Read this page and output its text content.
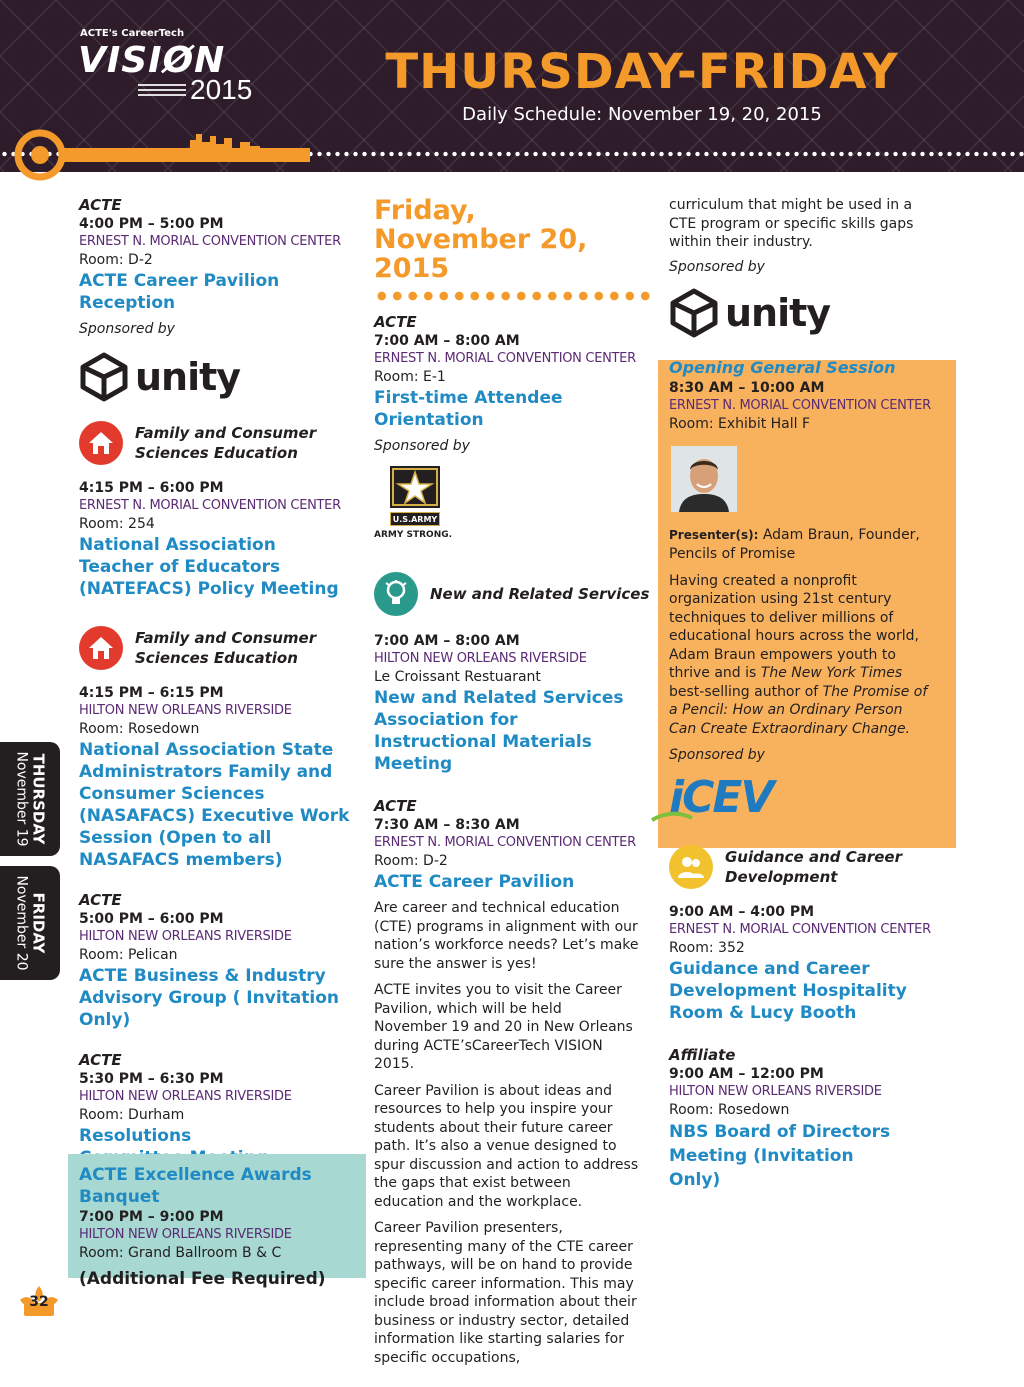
ACTE's CareerTech
VISIØN
2015	THURSDAY-FRIDAY
Daily Schedule: November 19, 20, 2015
ACTE
4:00 PM – 5:00 PM
ERNEST N. MORIAL CONVENTION CENTER
Room: D-2
ACTE Career Pavilion Reception
Sponsored by
unity
Family and Consumer Sciences Education
4:15 PM – 6:00 PM
ERNEST N. MORIAL CONVENTION CENTER
Room: 254
National Association Teacher of Educators (NATEFACS) Policy Meeting
Family and Consumer Sciences Education
4:15 PM – 6:15 PM
HILTON NEW ORLEANS RIVERSIDE
Room: Rosedown
National Association State Administrators Family and Consumer Sciences (NASAFACS) Executive Work Session (Open to all NASAFACS members)
ACTE
5:00 PM – 6:00 PM
HILTON NEW ORLEANS RIVERSIDE
Room: Pelican
ACTE Business & Industry Advisory Group ( Invitation Only)
ACTE
5:30 PM – 6:30 PM
HILTON NEW ORLEANS RIVERSIDE
Room: Durham
Resolutions
ACTE Excellence Awards Banquet
7:00 PM – 9:00 PM
HILTON NEW ORLEANS RIVERSIDE
Room: Grand Ballroom B & C
(Additional Fee Required)
Friday,
November 20, 2015
ACTE
7:00 AM – 8:00 AM
ERNEST N. MORIAL CONVENTION CENTER
Room: E-1
First-time Attendee Orientation
Sponsored by
U.S.ARMY
ARMY STRONG.
New and Related Services
7:00 AM – 8:00 AM
HILTON NEW ORLEANS RIVERSIDE
Le Croissant Restuarant
New and Related Services Association for Instructional Materials Meeting
ACTE
7:30 AM – 8:30 AM
ERNEST N. MORIAL CONVENTION CENTER
Room: D-2
ACTE Career Pavilion
Are career and technical education (CTE) programs in alignment with our nation’s workforce needs? Let’s make sure the answer is yes!
ACTE invites you to visit the Career Pavilion, which will be held November 19 and 20 in New Orleans during ACTE’sCareerTech VISION 2015.
Career Pavilion is about ideas and resources to help you inspire your students about their future career path. It’s also a venue designed to spur discussion and action to address the gaps that exist between education and the workplace.
Career Pavilion presenters, representing many of the CTE career pathways, will be on hand to provide specific career information. This may include broad information about their business or industry sector, detailed information like starting salaries for specific occupations,
curriculum that might be used in a CTE program or specific skills gaps within their industry.
Sponsored by
unity
Opening General Session
8:30 AM – 10:00 AM
ERNEST N. MORIAL CONVENTION CENTER
Room: Exhibit Hall F
Presenter(s): Adam Braun, Founder, Pencils of Promise
Having created a nonprofit organization using 21st century techniques to deliver millions of educational hours across the world, Adam Braun empowers youth to thrive and is The New York Times best-selling author of The Promise of a Pencil: How an Ordinary Person Can Create Extraordinary Change.
Sponsored by
iCEV
Guidance and Career Development
9:00 AM – 4:00 PM
ERNEST N. MORIAL CONVENTION CENTER
Room: 352
Guidance and Career Development Hospitality Room & Lucy Booth
Affiliate
9:00 AM – 12:00 PM
HILTON NEW ORLEANS RIVERSIDE
Room: Rosedown
NBS Board of Directors Meeting (Invitation Only)
THURSDAY
November 19
FRIDAY
November 20
32
